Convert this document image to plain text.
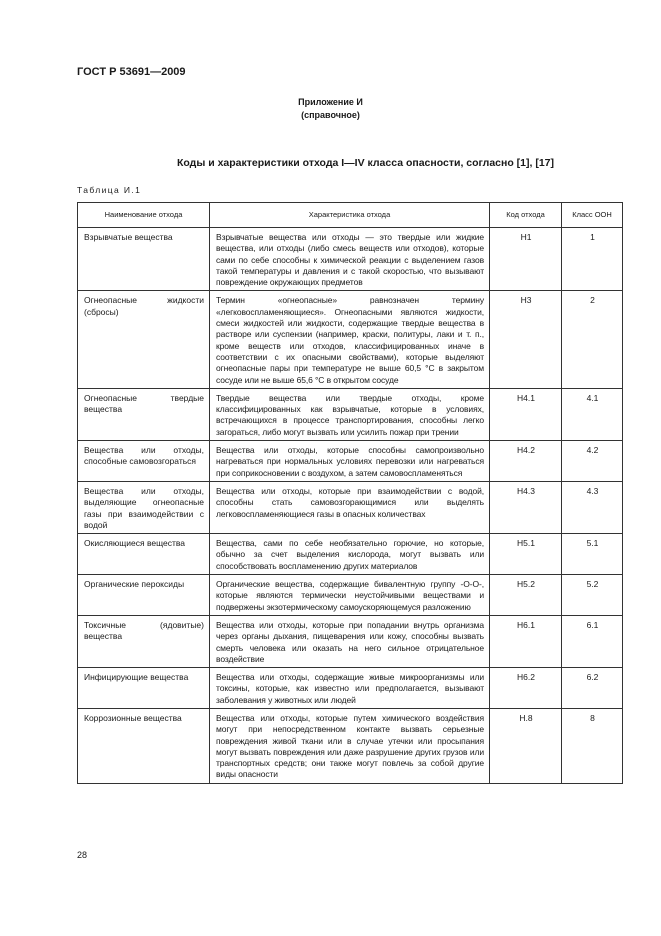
ГОСТ Р 53691—2009
Приложение И
(справочное)
Коды и характеристики отхода I—IV класса опасности, согласно [1], [17]
Таблица И.1
Наименование отхода	Характеристика отхода	Код отхода	Класс ООН
Взрывчатые вещества	Взрывчатые вещества или отходы — это твердые или жидкие вещества, или отходы (либо смесь веществ или отходов), которые сами по себе способны к химической реакции с выделением газов такой температуры и давления и с такой скоростью, что вызывают повреждение окружающих предметов	Н1	1
Огнеопасные жидкости (сбросы)	Термин «огнеопасные» равнозначен термину «легковоспламеняющиеся». Огнеопасными являются жидкости, смеси жидкостей или жидкости, содержащие твердые вещества в растворе или суспензии (например, краски, политуры, лаки и т. п., кроме веществ или отходов, классифицированных иначе в соответствии с их опасными свойствами), которые выделяют огнеопасные пары при температуре не выше 60,5 °С в закрытом сосуде или не выше 65,6 °С в открытом сосуде	Н3	2
Огнеопасные твердые вещества	Твердые вещества или твердые отходы, кроме классифицированных как взрывчатые, которые в условиях, встречающихся в процессе транспортирования, способны легко загораться, либо могут вызвать или усилить пожар при трении	Н4.1	4.1
Вещества или отходы, способные самовозгораться	Вещества или отходы, которые способны самопроизвольно нагреваться при нормальных условиях перевозки или нагреваться при соприкосновении с воздухом, а затем самовоспламеняться	Н4.2	4.2
Вещества или отходы, выделяющие огнеопасные газы при взаимодействии с водой	Вещества или отходы, которые при взаимодействии с водой, способны стать самовозгорающимися или выделять легковоспламеняющиеся газы в опасных количествах	Н4.3	4.3
Окисляющиеся вещества	Вещества, сами по себе необязательно горючие, но которые, обычно за счет выделения кислорода, могут вызвать или способствовать воспламенению других материалов	Н5.1	5.1
Органические пероксиды	Органические вещества, содержащие бивалентную группу -О-О-, которые являются термически неустойчивыми веществами и подвержены экзотермическому самоускоряющемуся разложению	Н5.2	5.2
Токсичные (ядовитые) вещества	Вещества или отходы, которые при попадании внутрь организма через органы дыхания, пищеварения или кожу, способны вызвать смерть человека или оказать на него сильное отрицательное воздействие	Н6.1	6.1
Инфицирующие вещества	Вещества или отходы, содержащие живые микроорганизмы или токсины, которые, как известно или предполагается, вызывают заболевания у животных или людей	Н6.2	6.2
Коррозионные вещества	Вещества или отходы, которые путем химического воздействия могут при непосредственном контакте вызвать серьезные повреждения живой ткани или в случае утечки или просыпания могут вызвать повреждения или даже разрушение других грузов или транспортных средств; они также могут повлечь за собой другие виды опасности	Н.8	8
28
